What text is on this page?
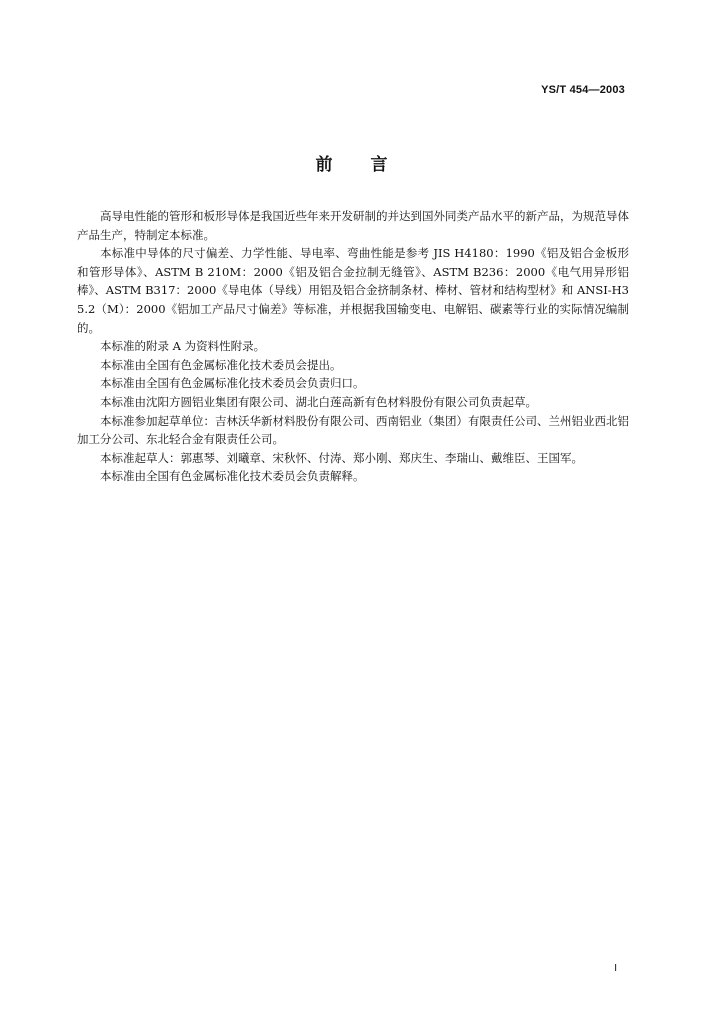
YS/T 454—2003
前言

高导电性能的管形和板形导体是我国近些年来开发研制的并达到国外同类产品水平的新产品，为规范导体产品生产，特制定本标准。

本标准中导体的尺寸偏差、力学性能、导电率、弯曲性能是参考 JIS H4180：1990《铝及铝合金板形和管形导体》、ASTM B 210M：2000《铝及铝合金拉制无缝管》、ASTM B236：2000《电气用异形铝棒》、ASTM B317：2000《导电体（导线）用铝及铝合金挤制条材、棒材、管材和结构型材》和 ANSI-H35.2（M）：2000《铝加工产品尺寸偏差》等标准，并根据我国输变电、电解铝、碳素等行业的实际情况编制的。

本标准的附录 A 为资料性附录。

本标准由全国有色金属标准化技术委员会提出。

本标准由全国有色金属标准化技术委员会负责归口。

本标准由沈阳方圆铝业集团有限公司、湖北白莲高新有色材料股份有限公司负责起草。

本标准参加起草单位：吉林沃华新材料股份有限公司、西南铝业（集团）有限责任公司、兰州铝业西北铝加工分公司、东北轻合金有限责任公司。

本标准起草人：郭惠琴、刘曦章、宋秋怀、付涛、郑小刚、郑庆生、李瑞山、戴维臣、王国军。

本标准由全国有色金属标准化技术委员会负责解释。

I
